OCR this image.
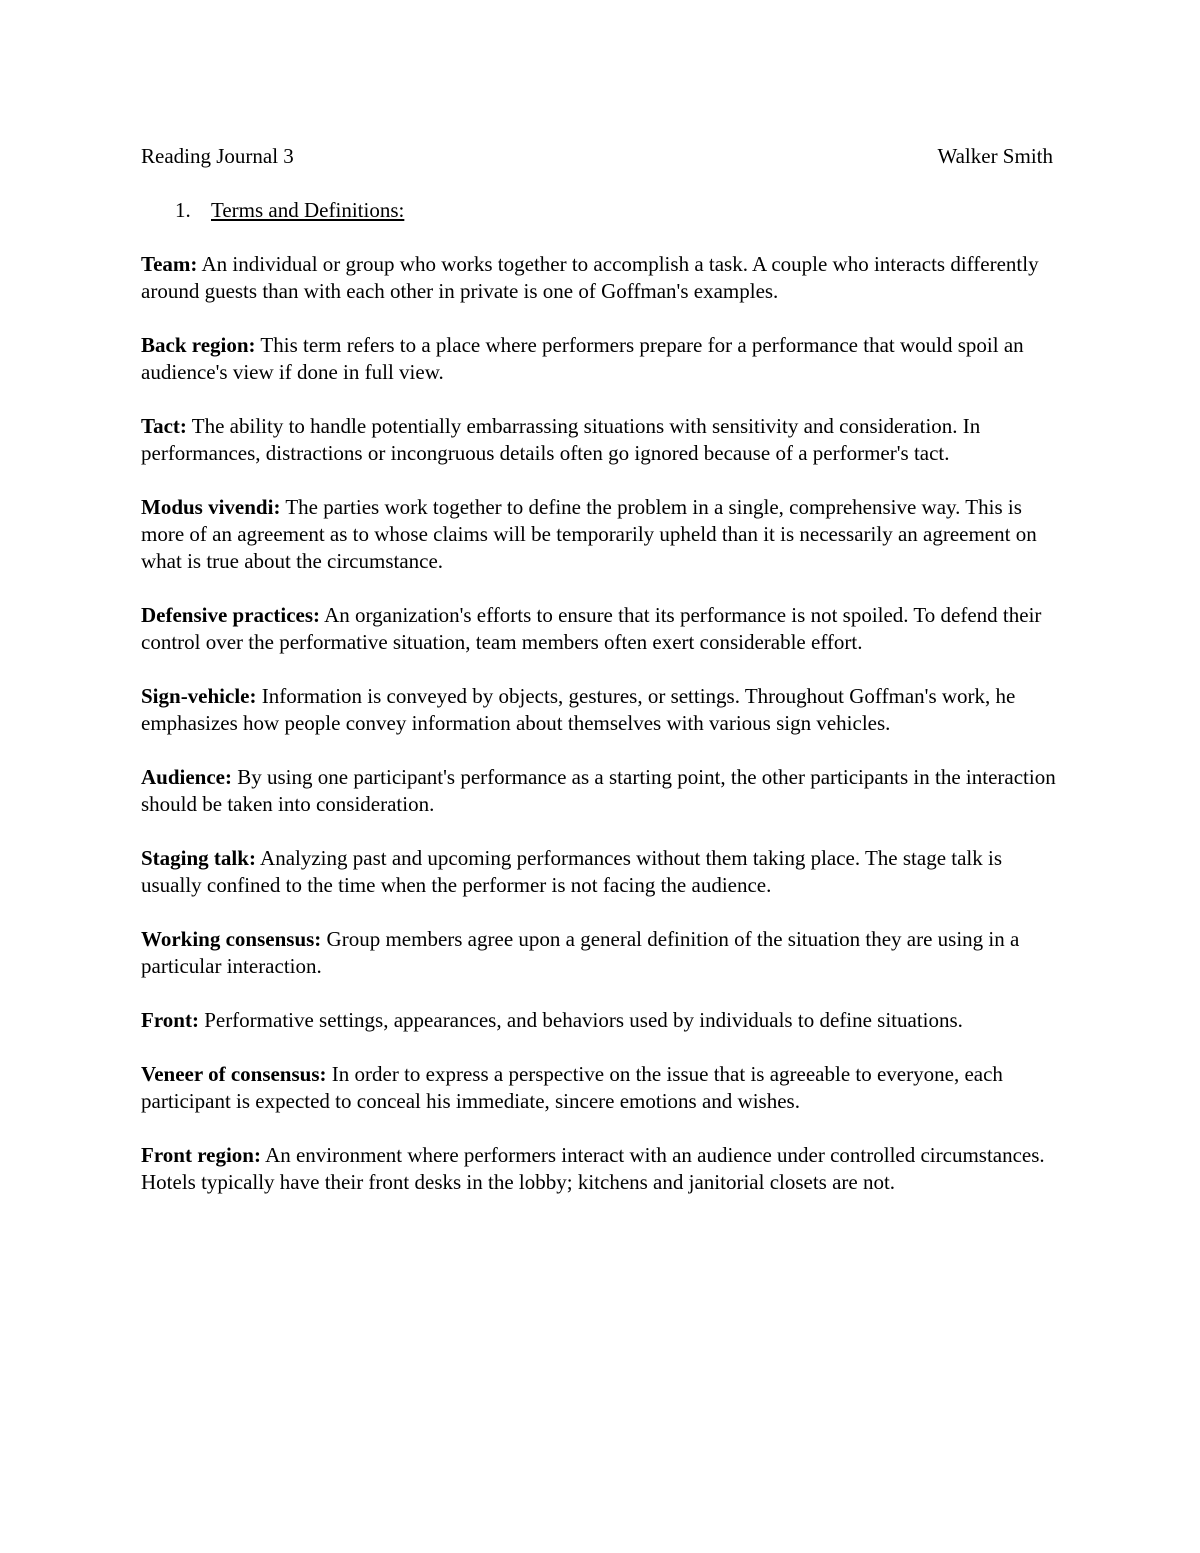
Reading Journal 3	Walker Smith
1. Terms and Definitions:

Team: An individual or group who works together to accomplish a task. A couple who interacts differently around guests than with each other in private is one of Goffman's examples.

Back region: This term refers to a place where performers prepare for a performance that would spoil an audience's view if done in full view.

Tact: The ability to handle potentially embarrassing situations with sensitivity and consideration. In performances, distractions or incongruous details often go ignored because of a performer's tact.

Modus vivendi: The parties work together to define the problem in a single, comprehensive way. This is more of an agreement as to whose claims will be temporarily upheld than it is necessarily an agreement on what is true about the circumstance.

Defensive practices: An organization's efforts to ensure that its performance is not spoiled. To defend their control over the performative situation, team members often exert considerable effort.

Sign-vehicle: Information is conveyed by objects, gestures, or settings. Throughout Goffman's work, he emphasizes how people convey information about themselves with various sign vehicles.

Audience: By using one participant's performance as a starting point, the other participants in the interaction should be taken into consideration.

Staging talk: Analyzing past and upcoming performances without them taking place. The stage talk is usually confined to the time when the performer is not facing the audience.

Working consensus: Group members agree upon a general definition of the situation they are using in a particular interaction.

Front: Performative settings, appearances, and behaviors used by individuals to define situations.

Veneer of consensus: In order to express a perspective on the issue that is agreeable to everyone, each participant is expected to conceal his immediate, sincere emotions and wishes.

Front region: An environment where performers interact with an audience under controlled circumstances. Hotels typically have their front desks in the lobby; kitchens and janitorial closets are not.
